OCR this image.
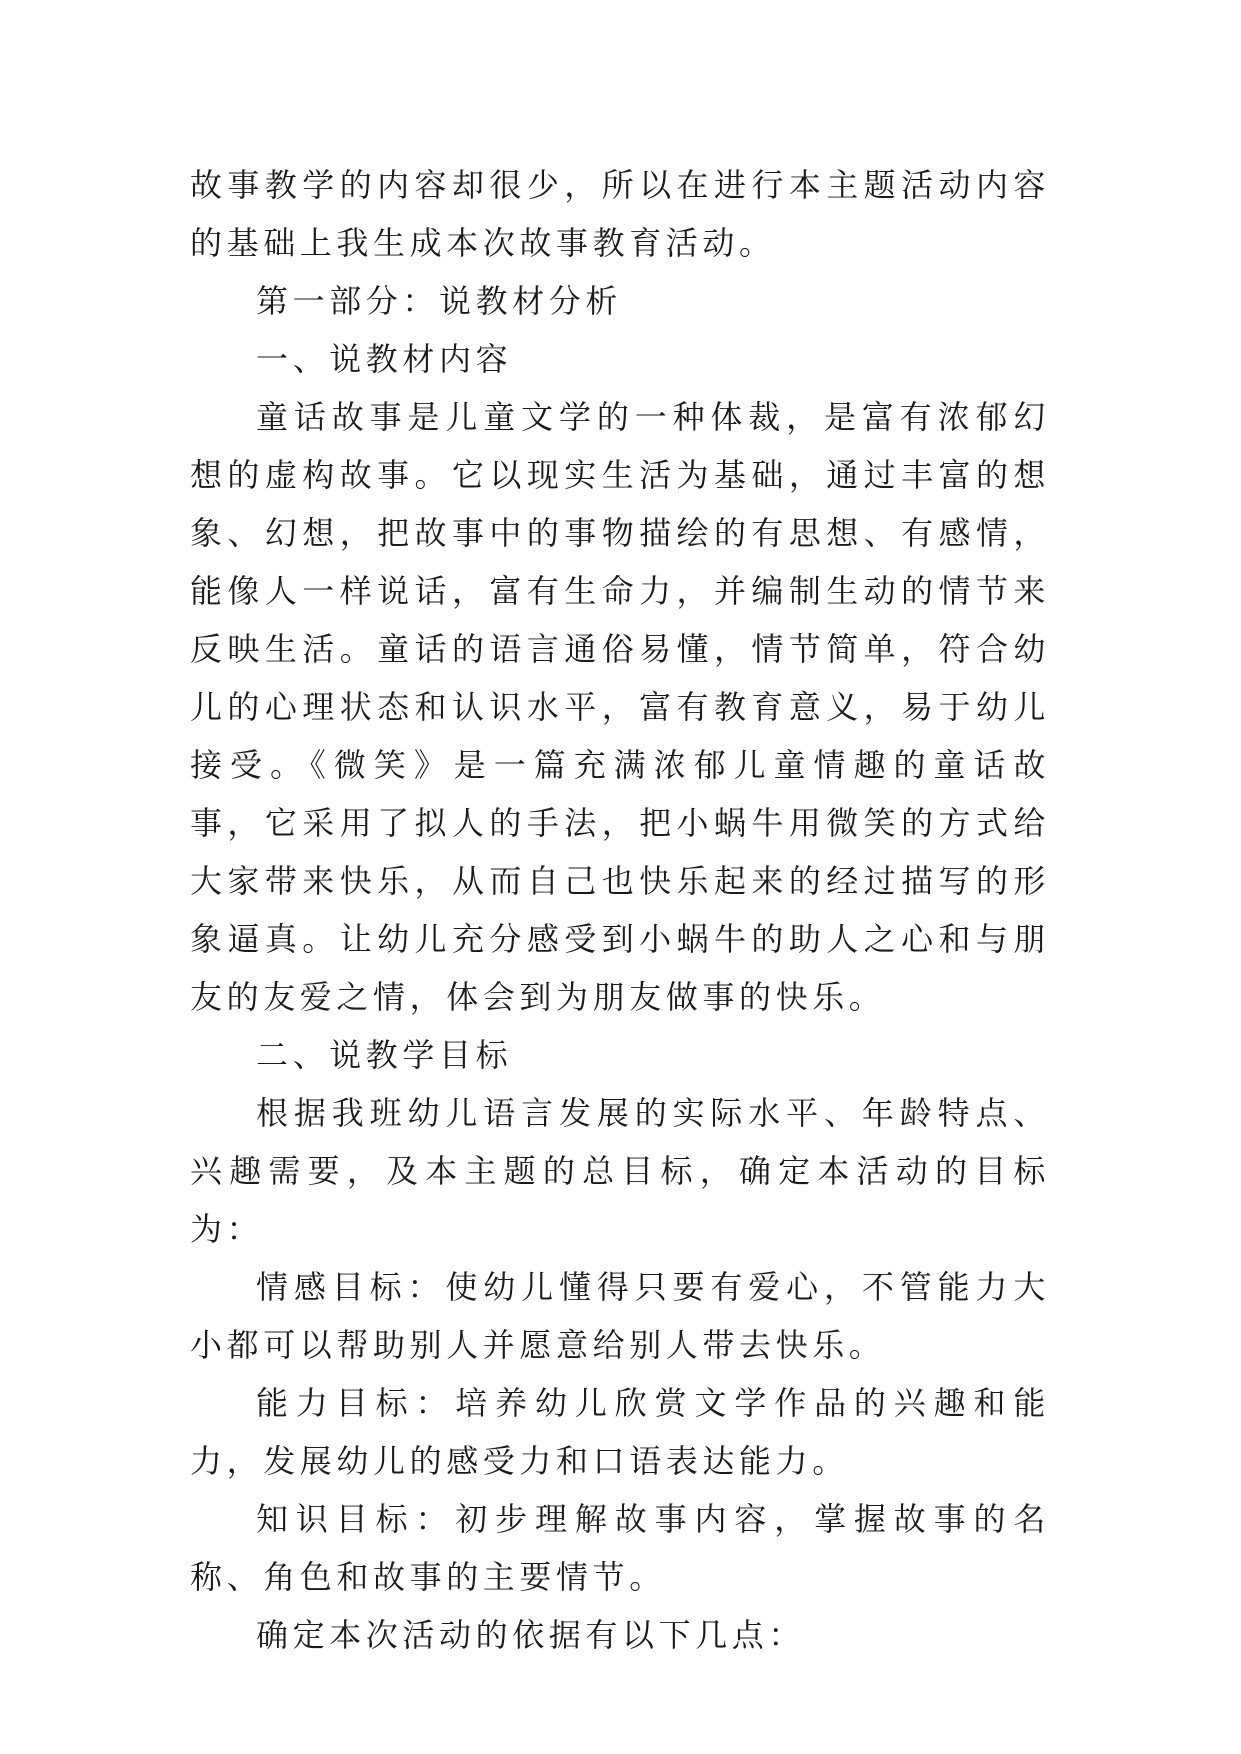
故事教学的内容却很少，所以在进行本主题活动内容的基础上我生成本次故事教育活动。

第一部分：说教材分析

一、说教材内容

童话故事是儿童文学的一种体裁，是富有浓郁幻想的虚构故事。它以现实生活为基础，通过丰富的想象、幻想，把故事中的事物描绘的有思想、有感情，能像人一样说话，富有生命力，并编制生动的情节来反映生活。童话的语言通俗易懂，情节简单，符合幼儿的心理状态和认识水平，富有教育意义，易于幼儿接受。《微笑》是一篇充满浓郁儿童情趣的童话故事，它采用了拟人的手法，把小蜗牛用微笑的方式给大家带来快乐，从而自己也快乐起来的经过描写的形象逼真。让幼儿充分感受到小蜗牛的助人之心和与朋友的友爱之情，体会到为朋友做事的快乐。

二、说教学目标

根据我班幼儿语言发展的实际水平、年龄特点、兴趣需要，及本主题的总目标，确定本活动的目标为：

情感目标：使幼儿懂得只要有爱心，不管能力大小都可以帮助别人并愿意给别人带去快乐。

能力目标：培养幼儿欣赏文学作品的兴趣和能力，发展幼儿的感受力和口语表达能力。

知识目标：初步理解故事内容，掌握故事的名称、角色和故事的主要情节。

确定本次活动的依据有以下几点：
